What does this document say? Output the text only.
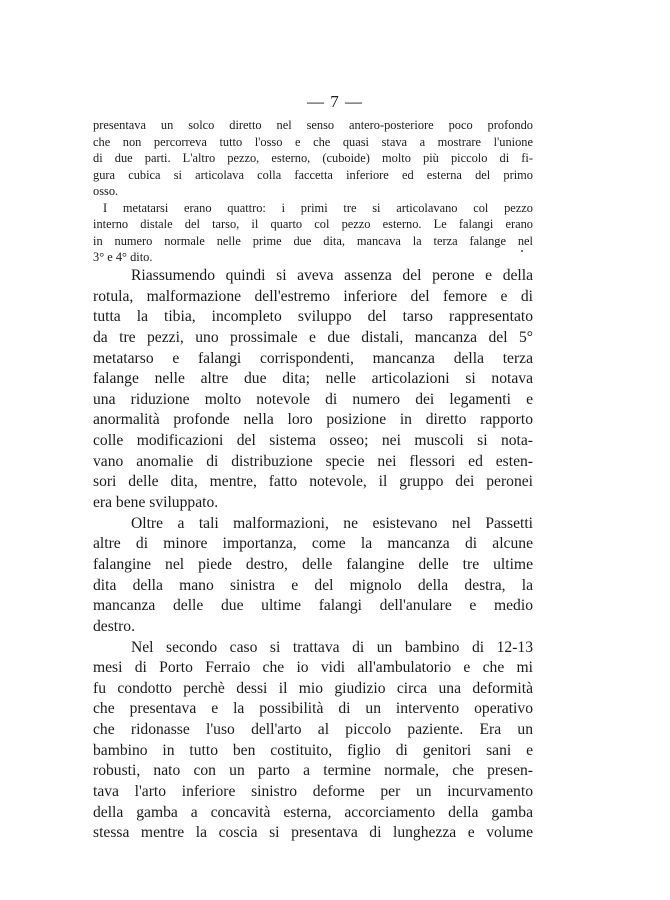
— 7 —
presentava un solco diretto nel senso antero-posteriore poco profondo
che non percorreva tutto l'osso e che quasi stava a mostrare l'unione
di due parti. L'altro pezzo, esterno, (cuboide) molto più piccolo di fi-
gura cubica si articolava colla faccetta inferiore ed esterna del primo
osso.
I metatarsi erano quattro: i primi tre si articolavano col pezzo
interno distale del tarso, il quarto col pezzo esterno. Le falangi erano
in numero normale nelle prime due dita, mancava la terza falange nel
3° e 4° dito.
Riassumendo quindi si aveva assenza del perone e della
rotula, malformazione dell'estremo inferiore del femore e di
tutta la tibia, incompleto sviluppo del tarso rappresentato
da tre pezzi, uno prossimale e due distali, mancanza del 5°
metatarso e falangi corrispondenti, mancanza della terza
falange nelle altre due dita; nelle articolazioni si notava
una riduzione molto notevole di numero dei legamenti e
anormalità profonde nella loro posizione in diretto rapporto
colle modificazioni del sistema osseo; nei muscoli si nota-
vano anomalie di distribuzione specie nei flessori ed esten-
sori delle dita, mentre, fatto notevole, il gruppo dei peronei
era bene sviluppato.
Oltre a tali malformazioni, ne esistevano nel Passetti
altre di minore importanza, come la mancanza di alcune
falangine nel piede destro, delle falangine delle tre ultime
dita della mano sinistra e del mignolo della destra, la
mancanza delle due ultime falangi dell'anulare e medio
destro.
Nel secondo caso si trattava di un bambino di 12-13
mesi di Porto Ferraio che io vidi all'ambulatorio e che mi
fu condotto perchè dessi il mio giudizio circa una deformità
che presentava e la possibilità di un intervento operativo
che ridonasse l'uso dell'arto al piccolo paziente. Era un
bambino in tutto ben costituito, figlio di genitori sani e
robusti, nato con un parto a termine normale, che presen-
tava l'arto inferiore sinistro deforme per un incurvamento
della gamba a concavità esterna, accorciamento della gamba
stessa mentre la coscia si presentava di lunghezza e volume
